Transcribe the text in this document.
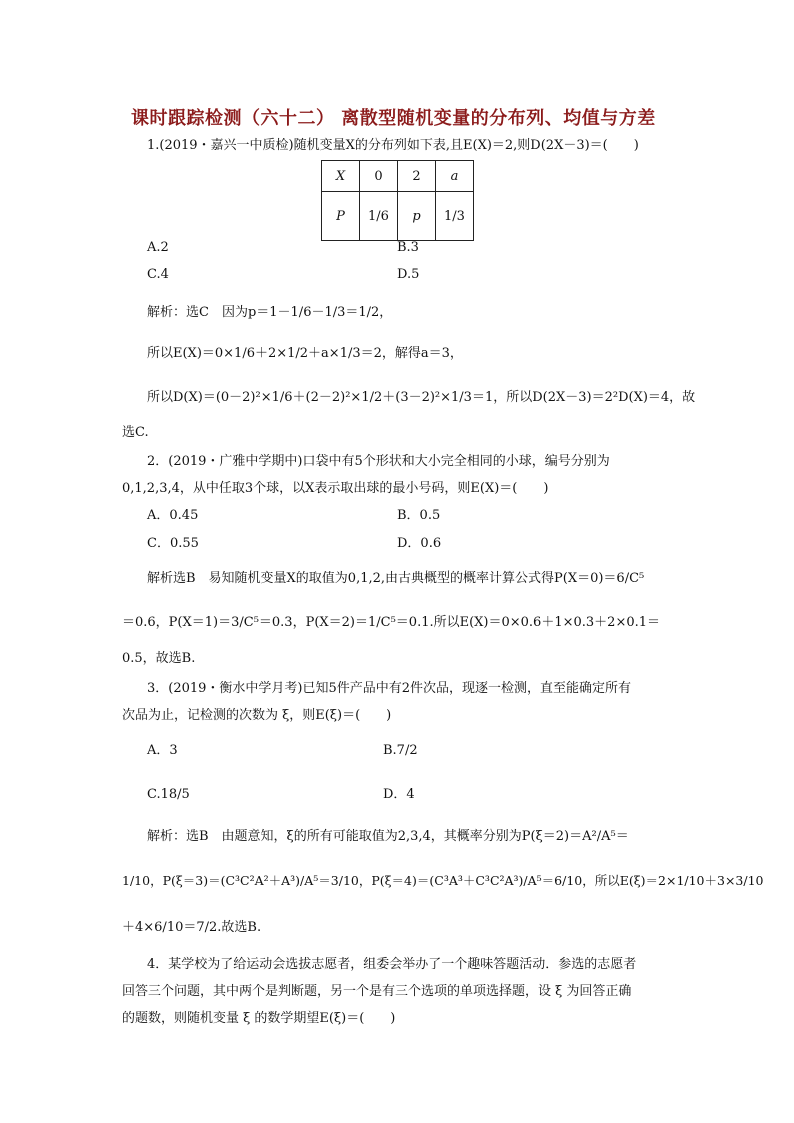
课时跟踪检测（六十二） 离散型随机变量的分布列、均值与方差
1.(2019・嘉兴一中质检)随机变量X的分布列如下表,且E(X)＝2,则D(2X－3)＝(　　)
X	0	2	a
P	1/6	p	1/3
A.2	B.3
C.4	D.5
解析：选C　因为p＝1－1/6－1/3＝1/2，
所以E(X)＝0×1/6＋2×1/2＋a×1/3＝2，解得a＝3，
所以D(X)＝(0－2)²×1/6＋(2－2)²×1/2＋(3－2)²×1/3＝1，所以D(2X－3)＝2²D(X)＝4，故
选C.
2．(2019・广雅中学期中)口袋中有5个形状和大小完全相同的小球，编号分别为
0,1,2,3,4，从中任取3个球，以X表示取出球的最小号码，则E(X)＝(　　)
A．0.45	B．0.5
C．0.55	D．0.6
解析选B　易知随机变量X的取值为0,1,2,由古典概型的概率计算公式得P(X＝0)＝6/C⁵
＝0.6，P(X＝1)＝3/C⁵＝0.3，P(X＝2)＝1/C⁵＝0.1.所以E(X)＝0×0.6＋1×0.3＋2×0.1＝
0.5，故选B.
3．(2019・衡水中学月考)已知5件产品中有2件次品，现逐一检测，直至能确定所有
次品为止，记检测的次数为 ξ，则E(ξ)＝(　　)
A．3	B.7/2
C.18/5	D．4
解析：选B　由题意知，ξ的所有可能取值为2,3,4，其概率分别为P(ξ＝2)＝A²/A⁵＝
1/10，P(ξ＝3)＝(C³C²A²＋A³)/A⁵＝3/10，P(ξ＝4)＝(C³A³＋C³C²A³)/A⁵＝6/10，所以E(ξ)＝2×1/10＋3×3/10
＋4×6/10＝7/2.故选B.
4．某学校为了给运动会选拔志愿者，组委会举办了一个趣味答题活动．参选的志愿者
回答三个问题，其中两个是判断题，另一个是有三个选项的单项选择题，设 ξ 为回答正确
的题数，则随机变量 ξ 的数学期望E(ξ)＝(　　)
